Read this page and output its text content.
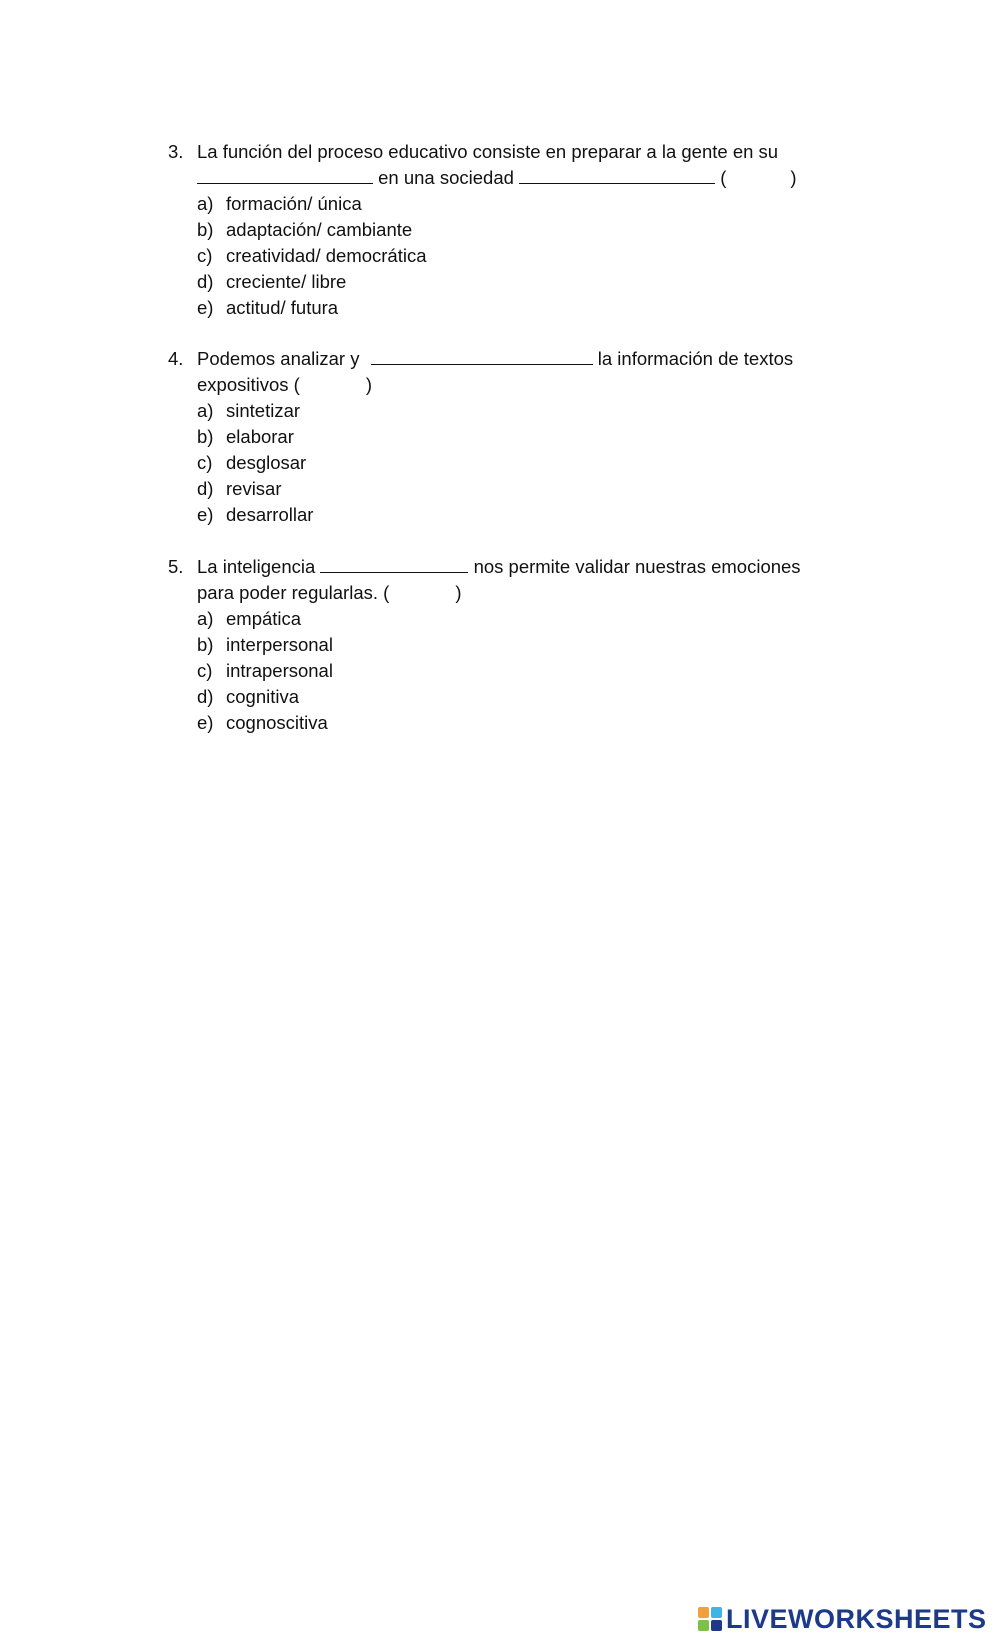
3. La función del proceso educativo consiste en preparar a la gente en su
en una sociedad	(	)
a) formación/ única
b) adaptación/ cambiante
c) creatividad/ democrática
d) creciente/ libre
e) actitud/ futura
4. Podemos analizar y	la información de textos
expositivos (	)
a) sintetizar
b) elaborar
c) desglosar
d) revisar
e) desarrollar
5. La inteligencia	nos permite validar nuestras emociones
para poder regularlas. (	)
a) empática
b) interpersonal
c) intrapersonal
d) cognitiva
e) cognoscitiva
LIVEWORKSHEETS
